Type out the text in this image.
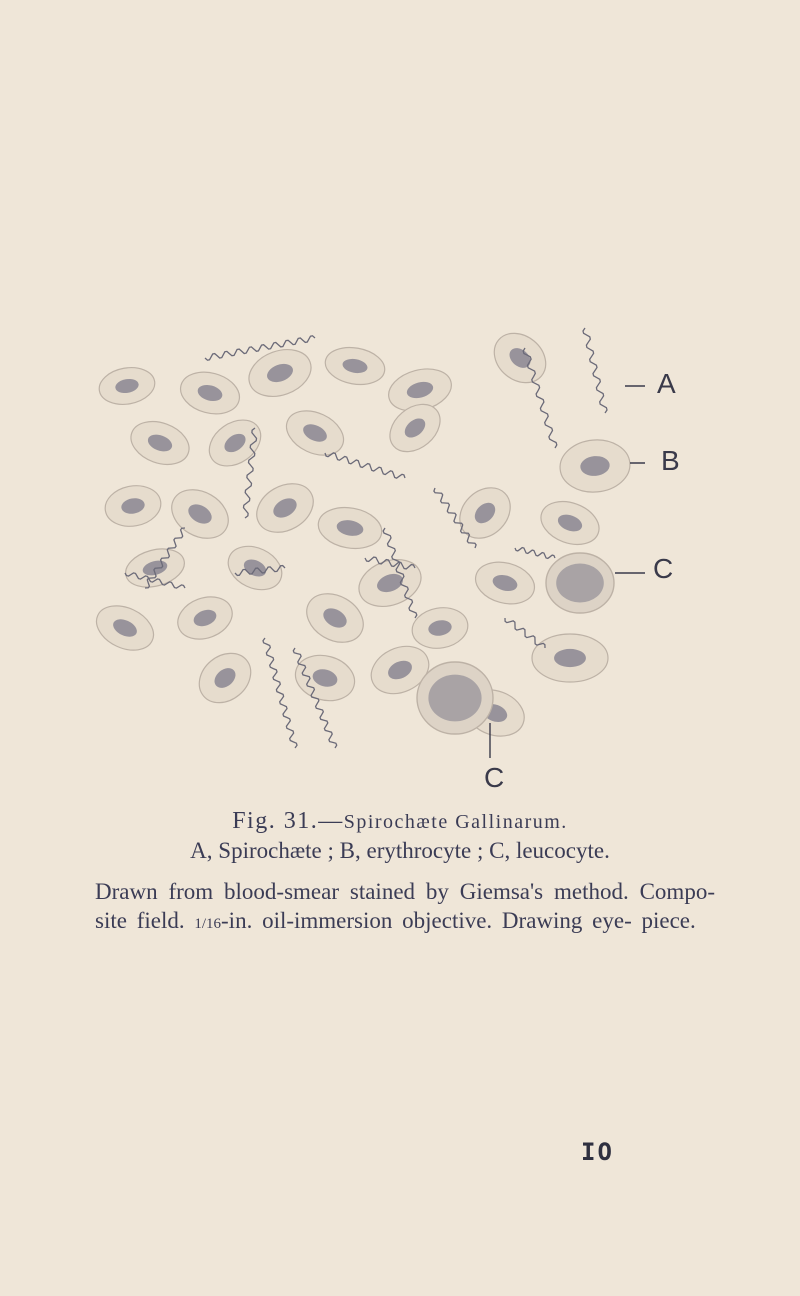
A
B
C
C
Fig. 31.—Spirochæte Gallinarum.
A, Spirochæte ; B, erythrocyte ; C, leucocyte.
Drawn from blood-smear stained by Giemsa's method. Compo- site field. 1/16-in. oil-immersion objective. Drawing eye- piece.
IO
